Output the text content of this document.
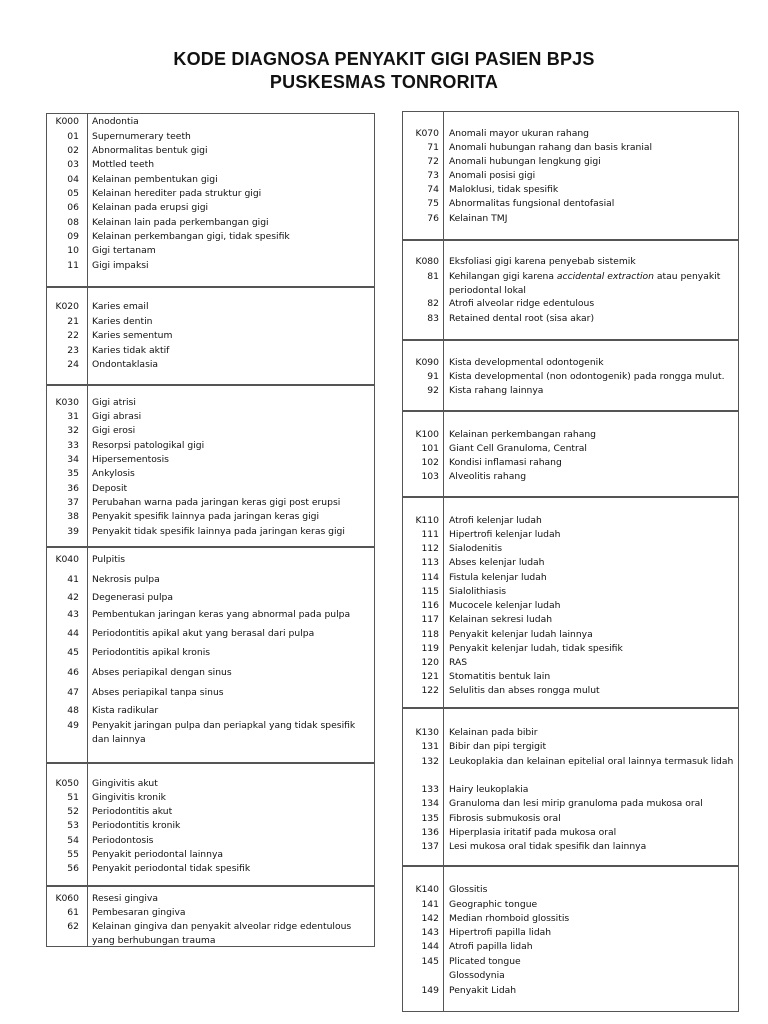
KODE DIAGNOSA PENYAKIT GIGI PASIEN BPJS
PUSKESMAS TONRORITA
K000 Anodontia
01 Supernumerary teeth
02 Abnormalitas bentuk gigi
03 Mottled teeth
04 Kelainan pembentukan gigi
05 Kelainan herediter pada struktur gigi
06 Kelainan pada erupsi gigi
08 Kelainan lain pada perkembangan gigi
09 Kelainan perkembangan gigi, tidak spesifik
10 Gigi tertanam
11 Gigi impaksi
K020 Karies email
21 Karies dentin
22 Karies sementum
23 Karies tidak aktif
24 Ondontaklasia
K030 Gigi atrisi
31 Gigi abrasi
32 Gigi erosi
33 Resorpsi patologikal gigi
34 Hipersementosis
35 Ankylosis
36 Deposit
37 Perubahan warna pada jaringan keras gigi post erupsi
38 Penyakit spesifik lainnya pada jaringan keras gigi
39 Penyakit tidak spesifik lainnya pada jaringan keras gigi
K040 Pulpitis
41 Nekrosis pulpa
42 Degenerasi pulpa
43 Pembentukan jaringan keras yang abnormal pada pulpa
44 Periodontitis apikal akut yang berasal dari pulpa
45 Periodontitis apikal kronis
46 Abses periapikal dengan sinus
47 Abses periapikal tanpa sinus
48 Kista radikular
49 Penyakit jaringan pulpa dan periapkal yang tidak spesifik dan lainnya
K050 Gingivitis akut
51 Gingivitis kronik
52 Periodontitis akut
53 Periodontitis kronik
54 Periodontosis
55 Penyakit periodontal lainnya
56 Penyakit periodontal tidak spesifik
K060 Resesi gingiva
61 Pembesaran gingiva
62 Kelainan gingiva dan penyakit alveolar ridge edentulous yang berhubungan trauma
K070 Anomali mayor ukuran rahang
71 Anomali hubungan rahang dan basis kranial
72 Anomali hubungan lengkung gigi
73 Anomali posisi gigi
74 Maloklusi, tidak spesifik
75 Abnormalitas fungsional dentofasial
76 Kelainan TMJ
K080 Eksfoliasi gigi karena penyebab sistemik
81 Kehilangan gigi karena accidental extraction atau penyakit periodontal lokal
82 Atrofi alveolar ridge edentulous
83 Retained dental root (sisa akar)
K090 Kista developmental odontogenik
91 Kista developmental (non odontogenik) pada rongga mulut.
92 Kista rahang lainnya
K100 Kelainan perkembangan rahang
101 Giant Cell Granuloma, Central
102 Kondisi inflamasi rahang
103 Alveolitis rahang
K110 Atrofi kelenjar ludah
111 Hipertrofi kelenjar ludah
112 Sialodenitis
113 Abses kelenjar ludah
114 Fistula kelenjar ludah
115 Sialolithiasis
116 Mucocele kelenjar ludah
117 Kelainan sekresi ludah
118 Penyakit kelenjar ludah lainnya
119 Penyakit kelenjar ludah, tidak spesifik
120 RAS
121 Stomatitis bentuk lain
122 Selulitis dan abses rongga mulut
K130 Kelainan pada bibir
131 Bibir dan pipi tergigit
132 Leukoplakia dan kelainan epitelial oral lainnya termasuk lidah
133 Hairy leukoplakia
134 Granuloma dan lesi mirip granuloma pada mukosa oral
135 Fibrosis submukosis oral
136 Hiperplasia iritatif pada mukosa oral
137 Lesi mukosa oral tidak spesifik dan lainnya
K140 Glossitis
141 Geographic tongue
142 Median rhomboid glossitis
143 Hipertrofi papilla lidah
144 Atrofi papilla lidah
145 Plicated tongue
Glossodynia
149 Penyakit Lidah
